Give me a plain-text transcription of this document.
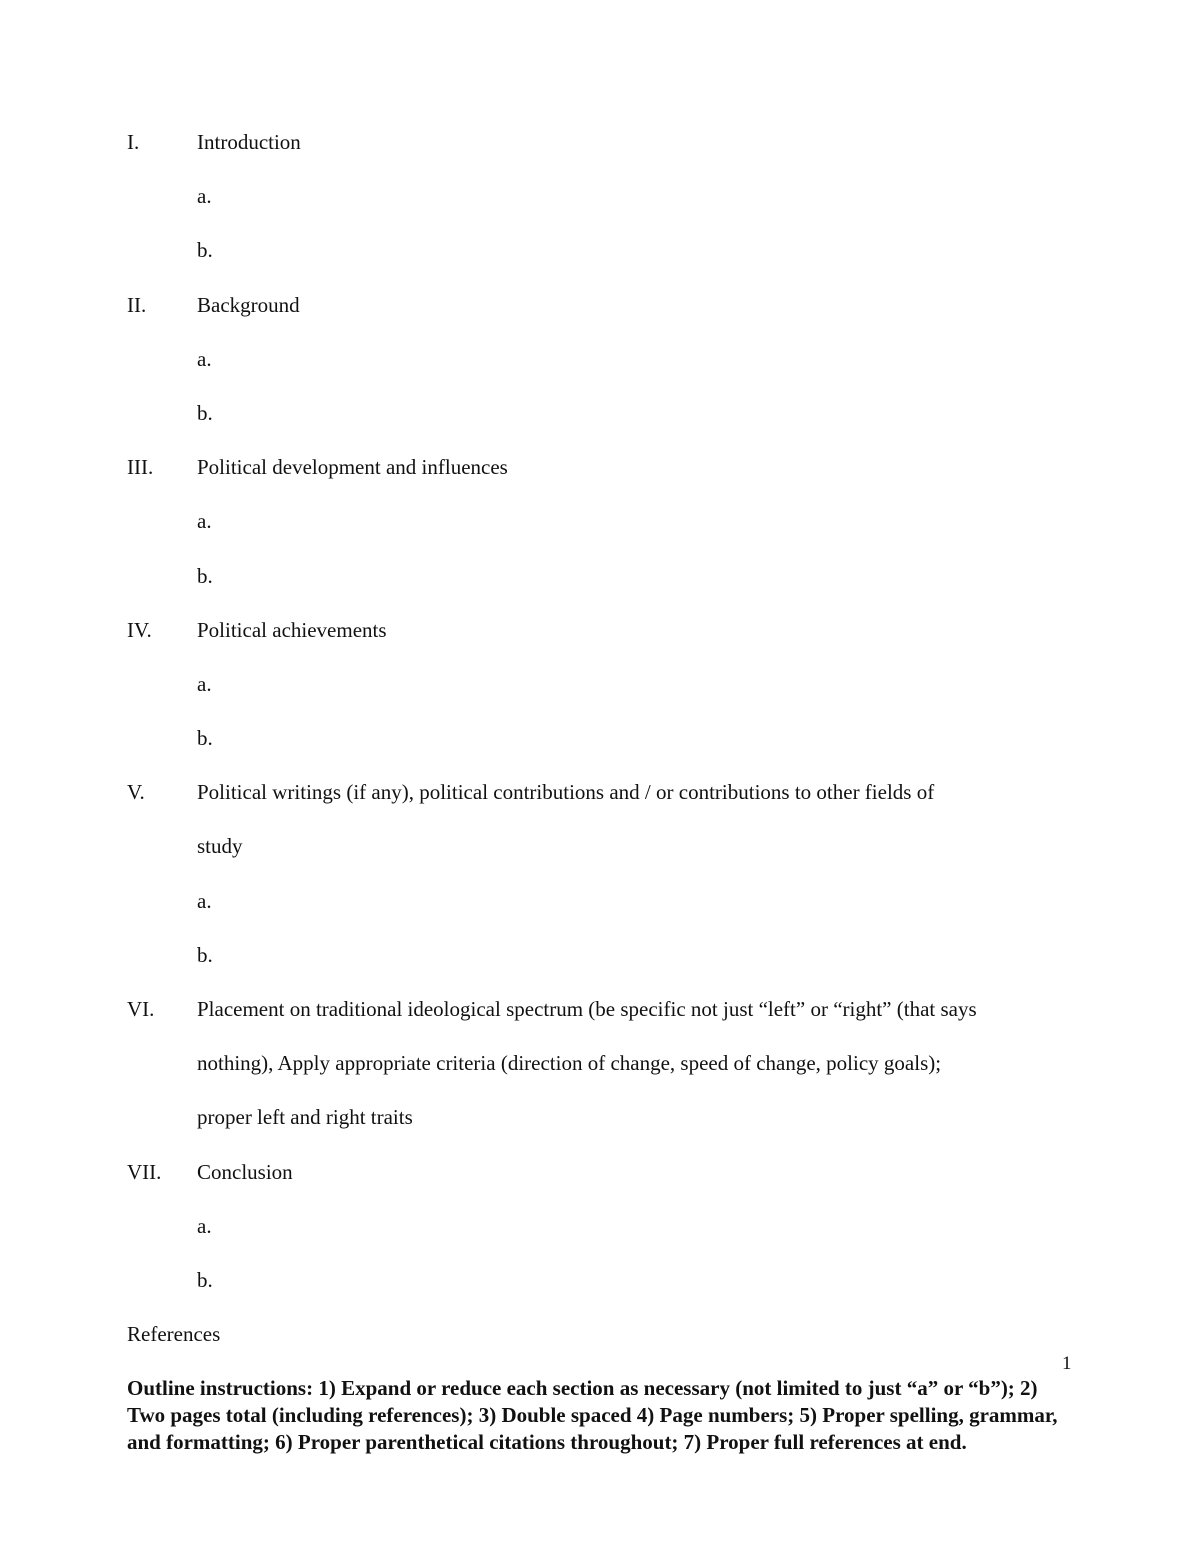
I.	Introduction
a.
b.
II. Background
a.
b.
III. Political development and influences
a.
b.
IV. Political achievements
a.
b.
V. Political writings (if any), political contributions and / or contributions to other fields of
study
a.
b.
VI. Placement on traditional ideological spectrum (be specific not just “left” or “right” (that says
nothing), Apply appropriate criteria (direction of change, speed of change, policy goals);
proper left and right traits
VII. Conclusion
a.
b.
References
1

Outline instructions: 1) Expand or reduce each section as necessary (not limited to just “a” or “b”); 2) Two pages total (including references); 3) Double spaced 4) Page numbers; 5) Proper spelling, grammar, and formatting; 6) Proper parenthetical citations throughout; 7) Proper full references at end.
